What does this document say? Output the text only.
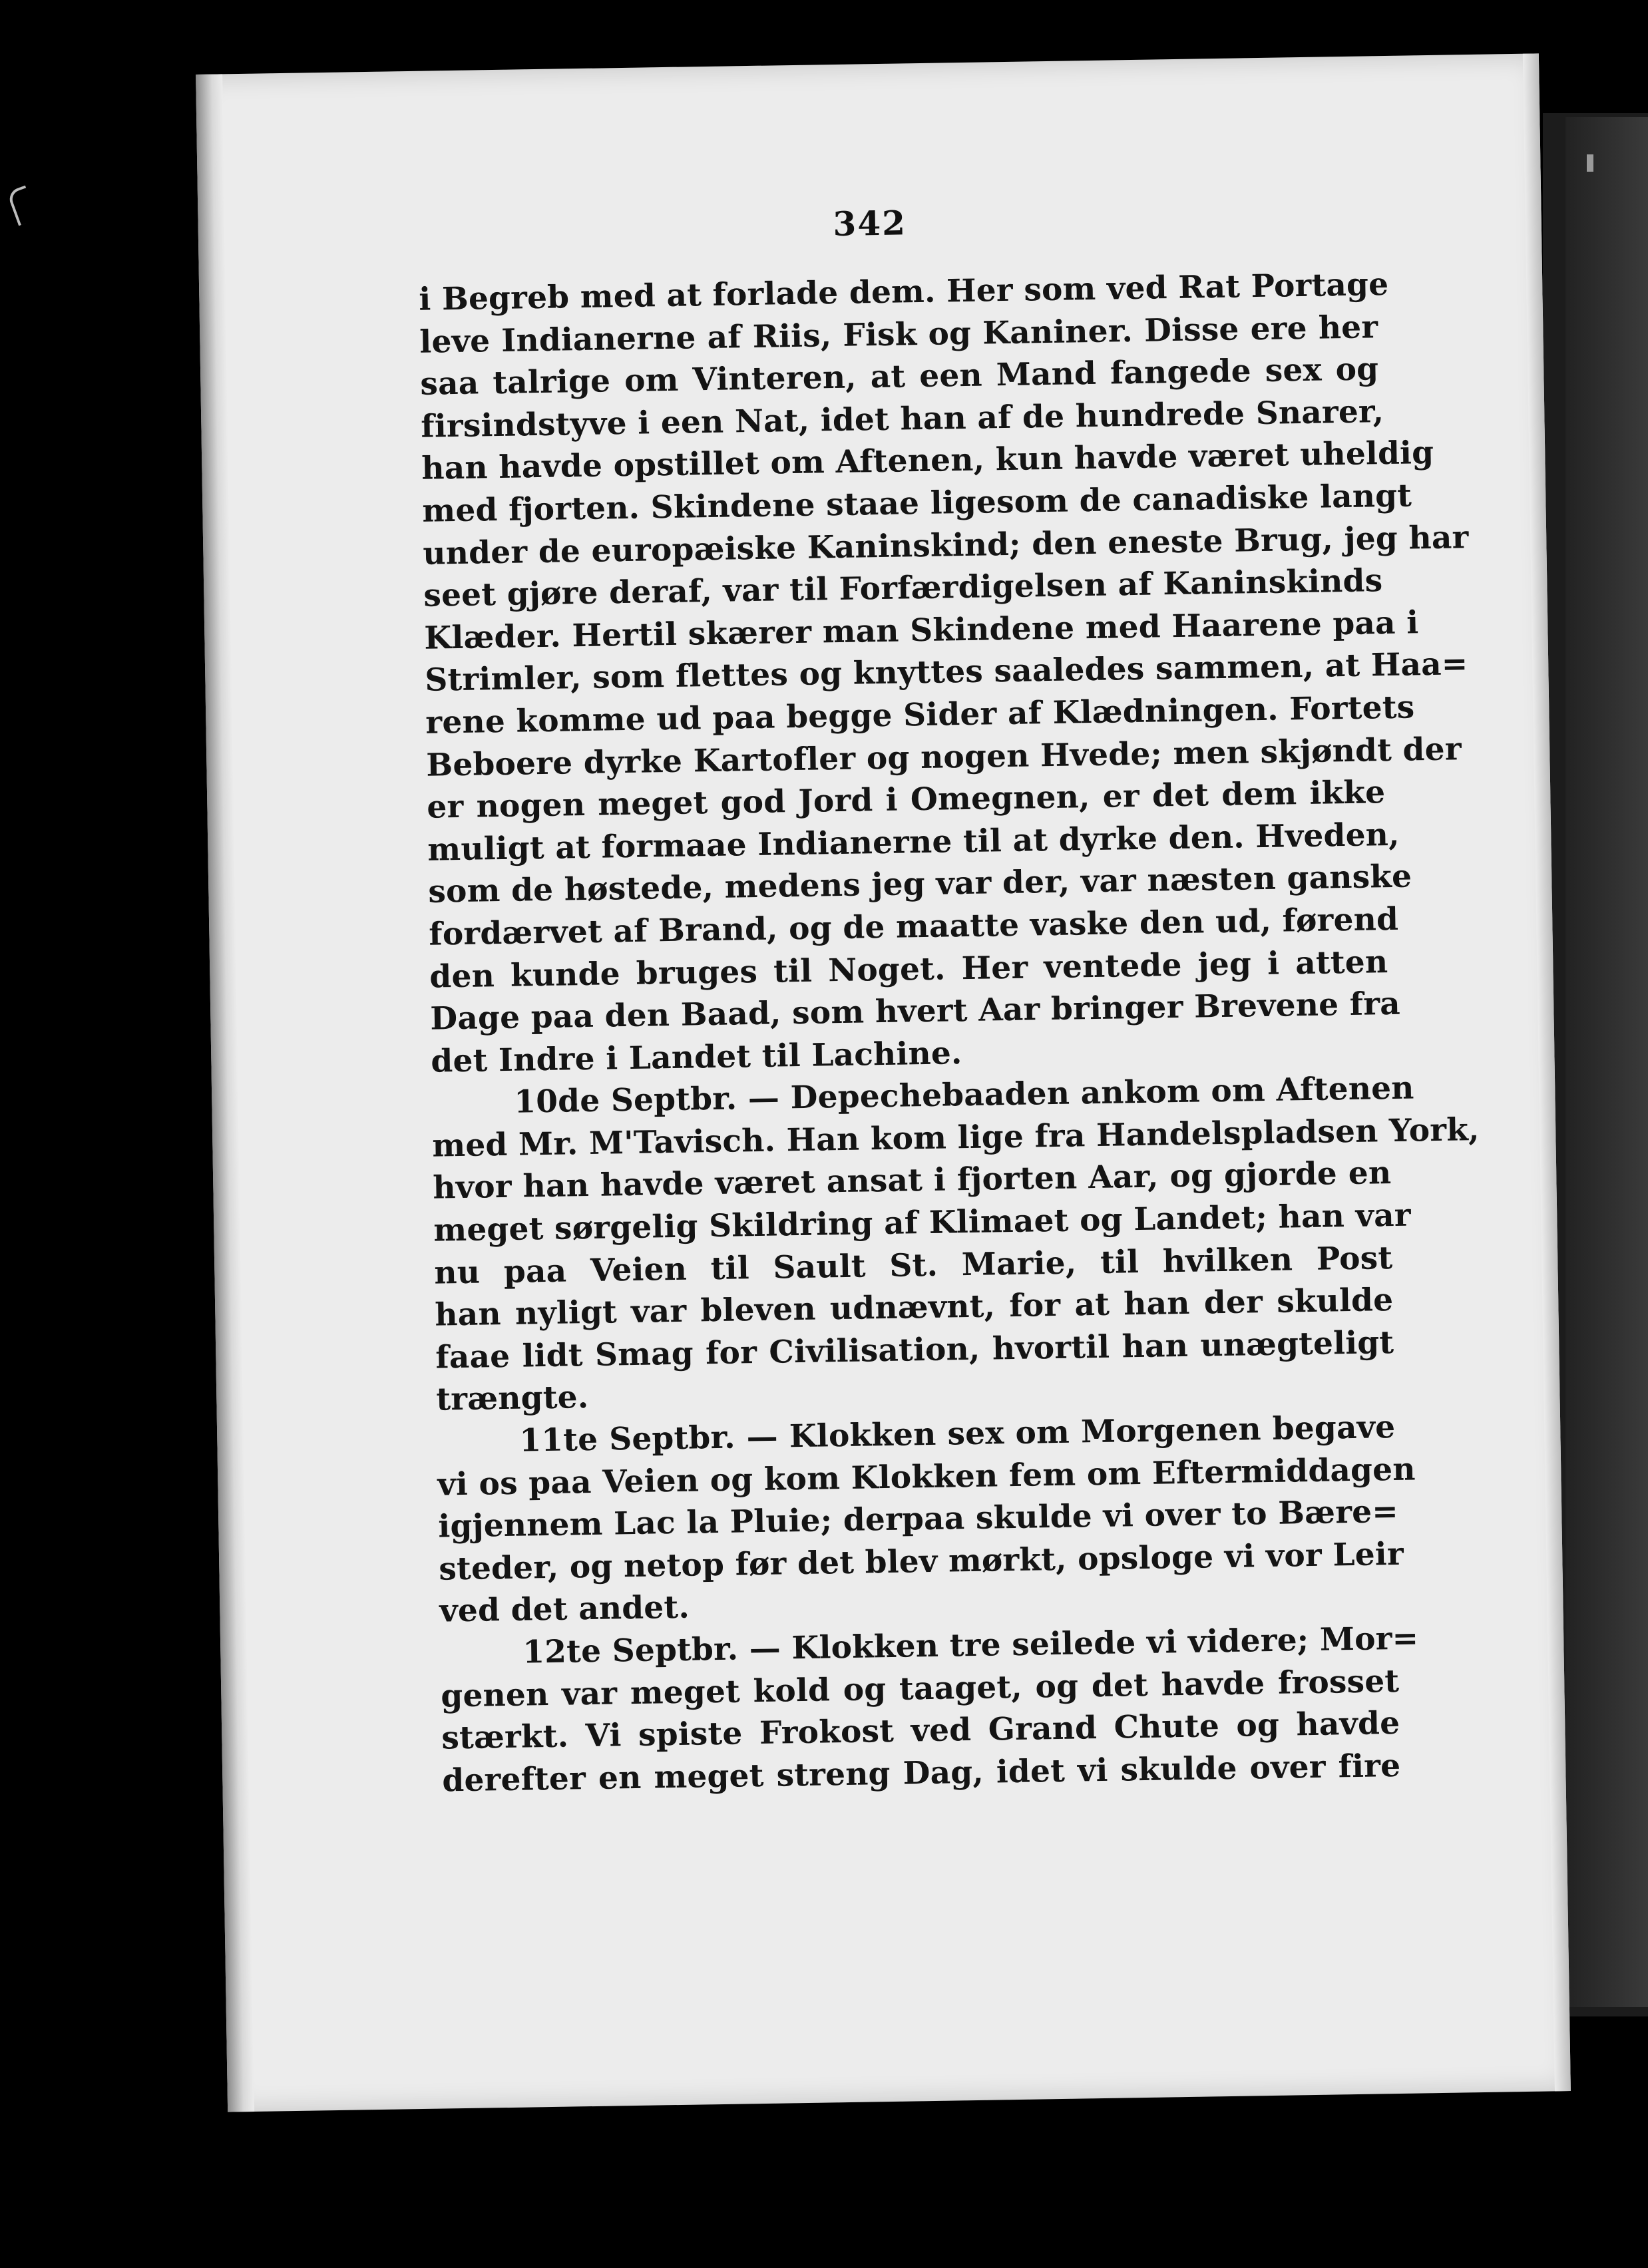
342
i Begreb med at forlade dem. Her som ved Rat Portage
leve Indianerne af Riis, Fisk og Kaniner. Disse ere her
saa talrige om Vinteren, at een Mand fangede sex og
firsindstyve i een Nat, idet han af de hundrede Snarer,
han havde opstillet om Aftenen, kun havde været uheldig
med fjorten. Skindene staae ligesom de canadiske langt
under de europæiske Kaninskind; den eneste Brug, jeg har
seet gjøre deraf, var til Forfærdigelsen af Kaninskinds
Klæder. Hertil skærer man Skindene med Haarene paa i
Strimler, som flettes og knyttes saaledes sammen, at Haa=
rene komme ud paa begge Sider af Klædningen. Fortets
Beboere dyrke Kartofler og nogen Hvede; men skjøndt der
er nogen meget god Jord i Omegnen, er det dem ikke
muligt at formaae Indianerne til at dyrke den. Hveden,
som de høstede, medens jeg var der, var næsten ganske
fordærvet af Brand, og de maatte vaske den ud, førend
den kunde bruges til Noget. Her ventede jeg i atten
Dage paa den Baad, som hvert Aar bringer Brevene fra
det Indre i Landet til Lachine.
10de Septbr. — Depechebaaden ankom om Aftenen
med Mr. M'Tavisch. Han kom lige fra Handelspladsen York,
hvor han havde været ansat i fjorten Aar, og gjorde en
meget sørgelig Skildring af Klimaet og Landet; han var
nu paa Veien til Sault St. Marie, til hvilken Post
han nyligt var bleven udnævnt, for at han der skulde
faae lidt Smag for Civilisation, hvortil han unægteligt
trængte.
11te Septbr. — Klokken sex om Morgenen begave
vi os paa Veien og kom Klokken fem om Eftermiddagen
igjennem Lac la Pluie; derpaa skulde vi over to Bære=
steder, og netop før det blev mørkt, opsloge vi vor Leir
ved det andet.
12te Septbr. — Klokken tre seilede vi videre; Mor=
genen var meget kold og taaget, og det havde frosset
stærkt. Vi spiste Frokost ved Grand Chute og havde
derefter en meget streng Dag, idet vi skulde over fire
